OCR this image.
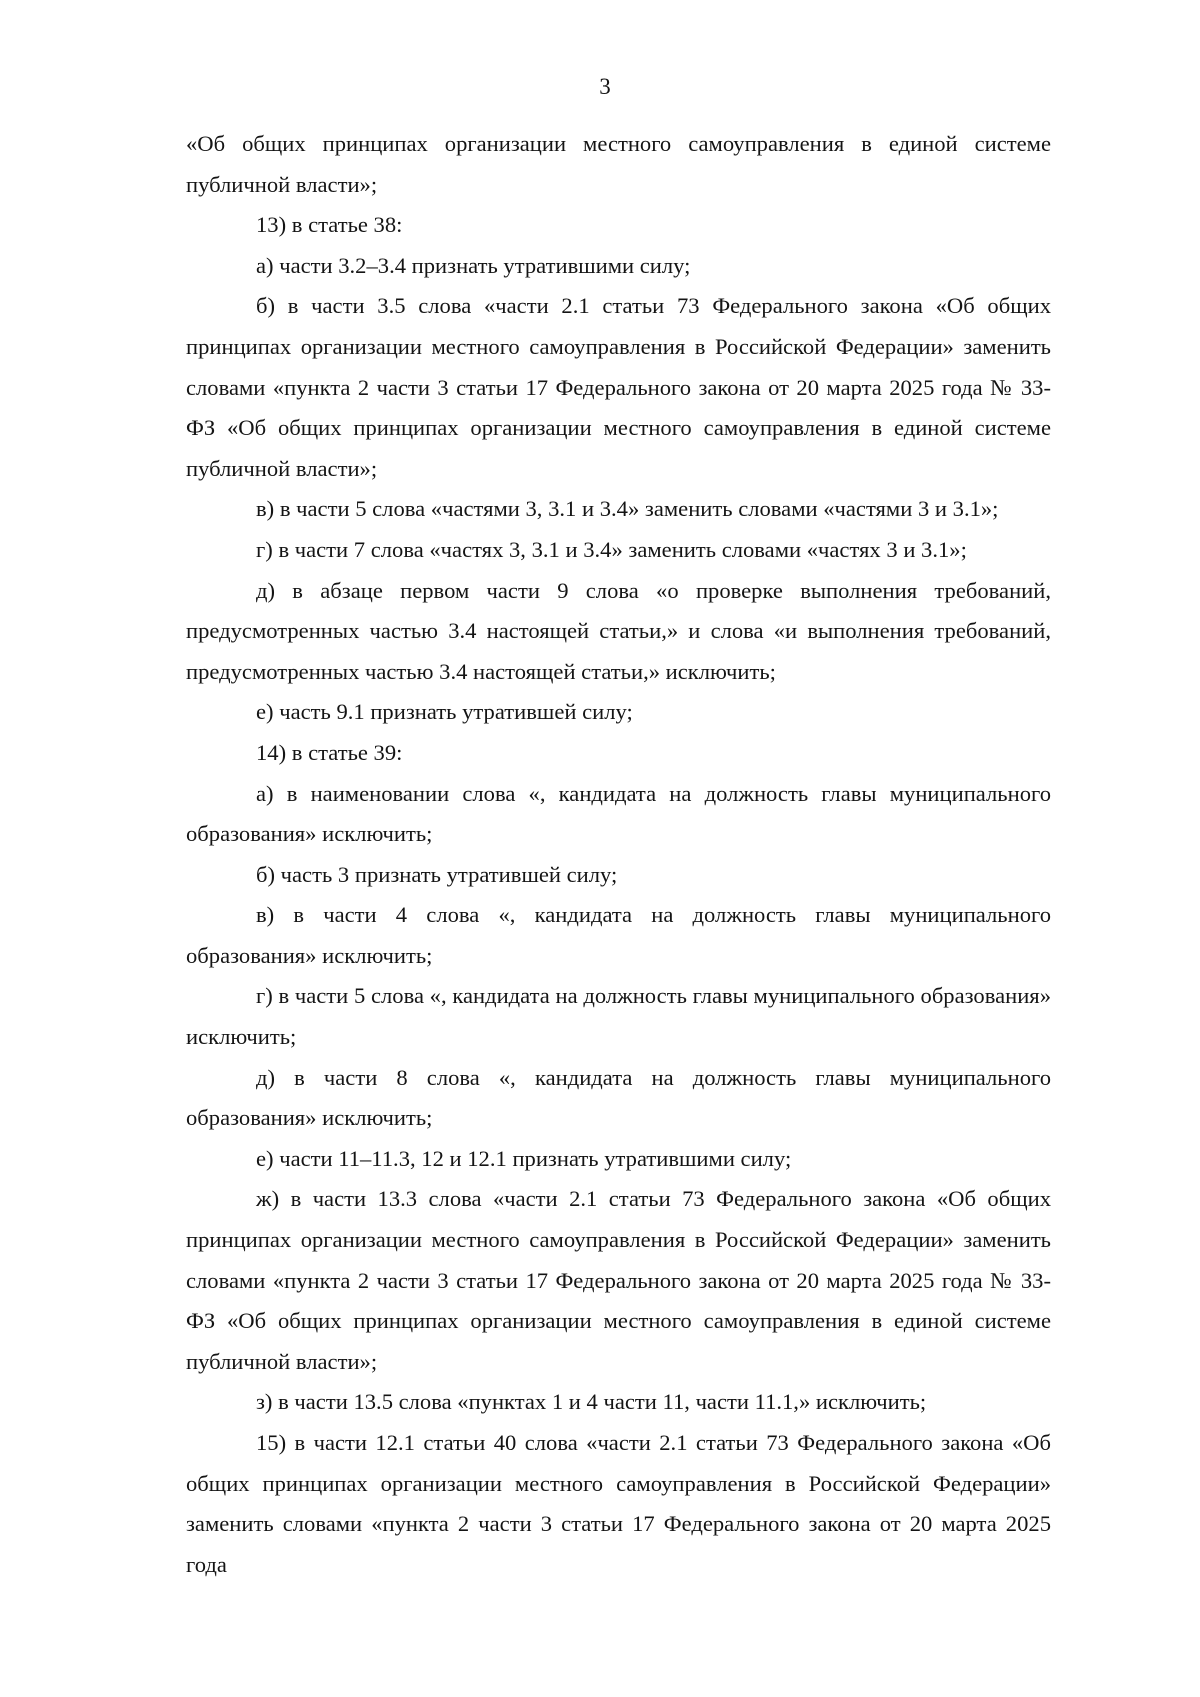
3

«Об общих принципах организации местного самоуправления в единой системе публичной власти»;

13) в статье 38:

а) части 3.2–3.4 признать утратившими силу;

б) в части 3.5 слова «части 2.1 статьи 73 Федерального закона «Об общих принципах организации местного самоуправления в Российской Федерации» заменить словами «пункта 2 части 3 статьи 17 Федерального закона от 20 марта 2025 года № 33-ФЗ «Об общих принципах организации местного самоуправления в единой системе публичной власти»;

в) в части 5 слова «частями 3, 3.1 и 3.4» заменить словами «частями 3 и 3.1»;

г) в части 7 слова «частях 3, 3.1 и 3.4» заменить словами «частях 3 и 3.1»;

д) в абзаце первом части 9 слова «о проверке выполнения требований, предусмотренных частью 3.4 настоящей статьи,» и слова «и выполнения требований, предусмотренных частью 3.4 настоящей статьи,» исключить;

е) часть 9.1 признать утратившей силу;

14) в статье 39:

а) в наименовании слова «, кандидата на должность главы муниципального образования» исключить;

б) часть 3 признать утратившей силу;

в) в части 4 слова «, кандидата на должность главы муниципального образования» исключить;

г) в части 5 слова «, кандидата на должность главы муниципального образования» исключить;

д) в части 8 слова «, кандидата на должность главы муниципального образования» исключить;

е) части 11–11.3, 12 и 12.1 признать утратившими силу;

ж) в части 13.3 слова «части 2.1 статьи 73 Федерального закона «Об общих принципах организации местного самоуправления в Российской Федерации» заменить словами «пункта 2 части 3 статьи 17 Федерального закона от 20 марта 2025 года № 33-ФЗ «Об общих принципах организации местного самоуправления в единой системе публичной власти»;

з) в части 13.5 слова «пунктах 1 и 4 части 11, части 11.1,» исключить;

15) в части 12.1 статьи 40 слова «части 2.1 статьи 73 Федерального закона «Об общих принципах организации местного самоуправления в Российской Федерации» заменить словами «пункта 2 части 3 статьи 17 Федерального закона от 20 марта 2025 года
